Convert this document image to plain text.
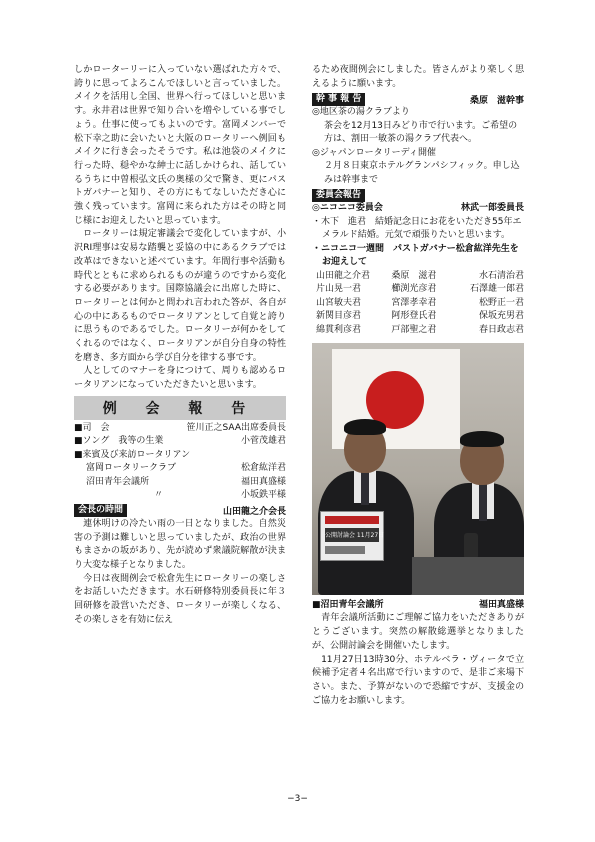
しかローターリーに入っていない選ばれた方々で、誇りに思ってよろこんでほしいと言っていました。メイクを活用し全国、世界へ行ってほしいと思います。永井君は世界で知り合いを増やしている事でしょう。仕事に使ってもよいのです。富岡メンバーで松下幸之助に会いたいと大阪のロータリーへ例回もメイクに行き会ったそうです。私は池袋のメイクに行った時、穏やかな紳士に話しかけられ、話しているうちに中曽根弘文氏の奥様の父で驚き、更にパストガバナーと知り、その方にもてなしいただき心に強く残っています。富岡に来られた方はその時と同じ様にお迎えしたいと思っています。

ロータリーは規定審議会で変化していますが、小沢RI理事は安易な踏襲と妥協の中にあるクラブでは改革はできないと述べています。年間行事や活動も時代とともに求められるものが違うのですから変化する必要があります。国際協議会に出席した時に、ロータリーとは何かと問われ言われた答が、各自が心の中にあるものでロータリアンとして自覚と誇りに思うものであるでした。ロータリーが何かをしてくれるのではなく、ロータリアンが自分自身の特性を磨き、多方面から学び自分を律する事です。

人としてのマナーを身につけて、周りも認めるロータリアンになっていただきたいと思います。

例 会 報 告
■司　会	笹川正之SAA出席委員長
■ソング　我等の生業	小菅茂雄君
■来賓及び来訪ロータリアン
富岡ロータリークラブ	松倉紘洋君
沼田青年会議所	福田真盛様
〃	小坂鉄平様
会長の時間	山田龍之介会長

連休明けの冷たい雨の一日となりました。自然災害の予測は難しいと思っていましたが、政治の世界もまさかの坂があり、先が読めず衆議院解散が決まり大変な様子となりました。

今日は夜間例会で松倉先生にロータリーの楽しさをお話しいただきます。水石研修特別委員長に年３回研修を設営いただき、ロータリーが楽しくなる、その楽しさを有効に伝え

るため夜間例会にしました。皆さんがより楽しく思えるように願います。

幹 事 報 告	桑原　滋幹事

◎地区茶の湯クラブより

茶会を12月13日みどり市で行います。ご希望の方は、割田一敏茶の湯クラブ代表へ。

◎ジャパンロータリーディ開催

２月８日東京ホテルグランパシフィック。申し込みは幹事まで

委員会報告
◎ニコニコ委員会	林武一郎委員長

・木下　進君　結婚記念日にお花をいただき55年エメラルド結婚。元気で頑張りたいと思います。

・ニコニコ一週間　パストガバナー松倉紘洋先生をお迎えして

山田龍之介君	桑原　滋君	水石清治君
片山晃一君	櫛渕光彦君	石澤雄一郎君
山宮敏夫君	宮澤孝幸君	松野正一君
新関目彦君	阿形登氏君	保坂充男君
綿貫利彦君	戸部聖之君	春日政志君
公開討論会 11月27日
■沼田青年会議所	福田真盛様

青年会議所活動にご理解ご協力をいただきありがとうございます。突然の解散総選挙となりましたが、公開討論会を開催いたします。

11月27日13時30分、ホテルベラ・ヴィータで立候補予定者４名出席で行いますので、是非ご来場下さい。また、予算がないので恐縮ですが、支援金のご協力をお願いします。

−3−
